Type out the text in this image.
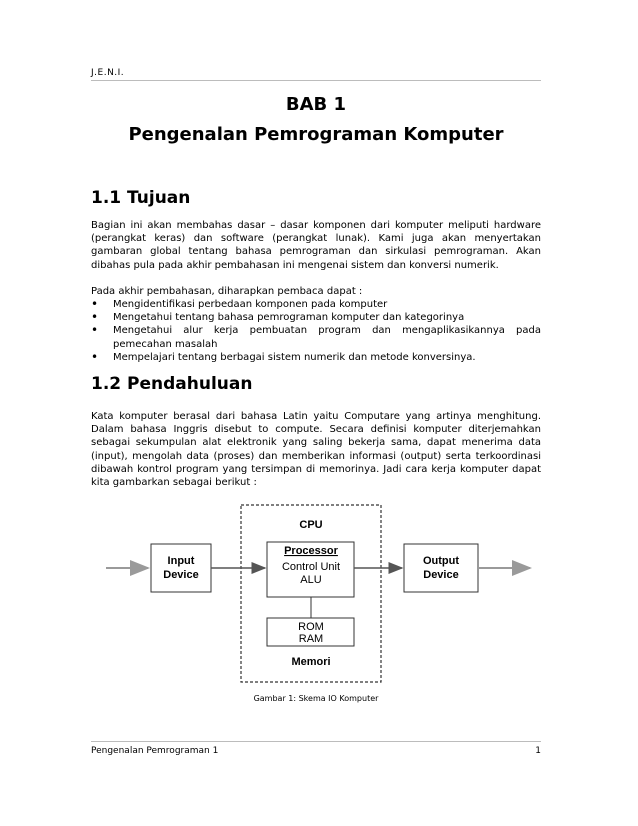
J.E.N.I.
BAB 1
Pengenalan Pemrograman Komputer
1.1 Tujuan

Bagian ini akan membahas dasar – dasar komponen dari komputer meliputi hardware (perangkat keras) dan software (perangkat lunak). Kami juga akan menyertakan gambaran global tentang bahasa pemrograman dan sirkulasi pemrograman. Akan dibahas pula pada akhir pembahasan ini mengenai sistem dan konversi numerik.

Pada akhir pembahasan, diharapkan pembaca dapat :

• Mengidentifikasi perbedaan komponen pada komputer
• Mengetahui tentang bahasa pemrograman komputer dan kategorinya
• Mengetahui alur kerja pembuatan program dan mengaplikasikannya pada pemecahan masalah
• Mempelajari tentang berbagai sistem numerik dan metode konversinya.
1.2 Pendahuluan

Kata komputer berasal dari bahasa Latin yaitu Computare yang artinya menghitung. Dalam bahasa Inggris disebut to compute. Secara definisi komputer diterjemahkan sebagai sekumpulan alat elektronik yang saling bekerja sama, dapat menerima data (input), mengolah data (proses) dan memberikan informasi (output) serta terkoordinasi dibawah kontrol program yang tersimpan di memorinya. Jadi cara kerja komputer dapat kita gambarkan sebagai berikut :

CPU
Processor
Control Unit
ALU
ROM
RAM
Memori
Input
Device
Output
Device
Gambar 1: Skema IO Komputer
Pengenalan Pemrograman 1	1
